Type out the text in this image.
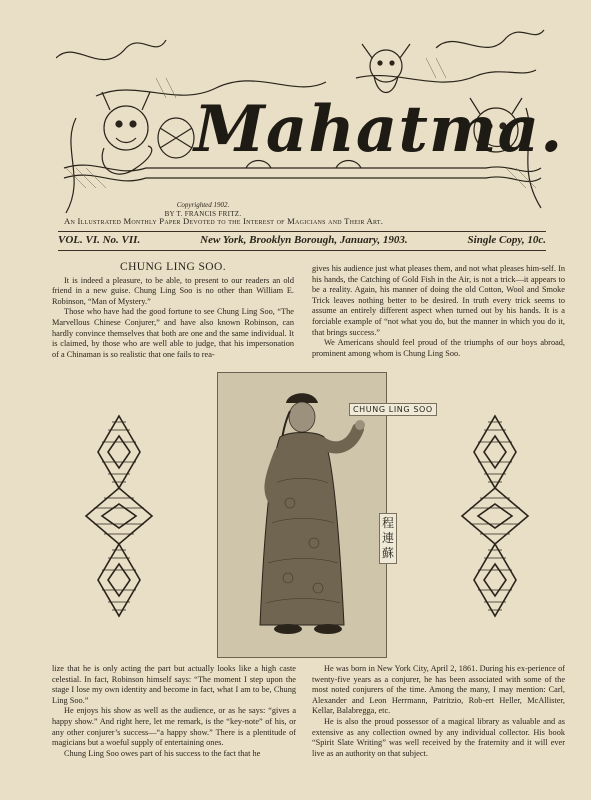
Mahatma.
Copyrighted 1902.
BY T. FRANCIS FRITZ.
An Illustrated Monthly Paper Devoted to the Interest of Magicians and Their Art.
VOL. VI. No. VII.	New York, Brooklyn Borough, January, 1903.	Single Copy, 10c.
CHUNG LING SOO.

It is indeed a pleasure, to be able, to present to our readers an old friend in a new guise. Chung Ling Soo is no other than William E. Robinson, “Man of Mystery.”

Those who have had the good fortune to see Chung Ling Soo, “The Marvellous Chinese Conjurer,” and have also known Robinson, can hardly convince themselves that both are one and the same individual. It is claimed, by those who are well able to judge, that his impersonation of a Chinaman is so realistic that one fails to rea-

gives his audience just what pleases them, and not what pleases him-self. In his hands, the Catching of Gold Fish in the Air, is not a trick—it appears to be a reality. Again, his manner of doing the old Cotton, Wool and Smoke Trick leaves nothing better to be desired. In truth every trick seems to assume an entirely different aspect when turned out by his hands. It is a forciable example of “not what you do, but the manner in which you do it, that brings success.”

We Americans should feel proud of the triumphs of our boys abroad, prominent among whom is Chung Ling Soo.

CHUNG LING SOO
程連蘇

lize that he is only acting the part but actually looks like a high caste celestial. In fact, Robinson himself says: “The moment I step upon the stage I lose my own identity and become in fact, what I am to be, Chung Ling Soo.”

He enjoys his show as well as the audience, or as he says: “gives a happy show.” And right here, let me remark, is the “key-note” of his, or any other conjurer’s success—“a happy show.” There is a plentitude of magicians but a woeful supply of entertaining ones.

Chung Ling Soo owes part of his success to the fact that he

He was born in New York City, April 2, 1861. During his ex-perience of twenty-five years as a conjurer, he has been associated with some of the most noted conjurers of the time. Among the many, I may mention: Carl, Alexander and Leon Herrmann, Patritzio, Rob-ert Heller, McAllister, Kellar, Balabregga, etc.

He is also the proud possessor of a magical library as valuable and as extensive as any collection owned by any individual collector. His book “Spirit Slate Writing” was well received by the fraternity and it will ever live as an authority on that subject.
